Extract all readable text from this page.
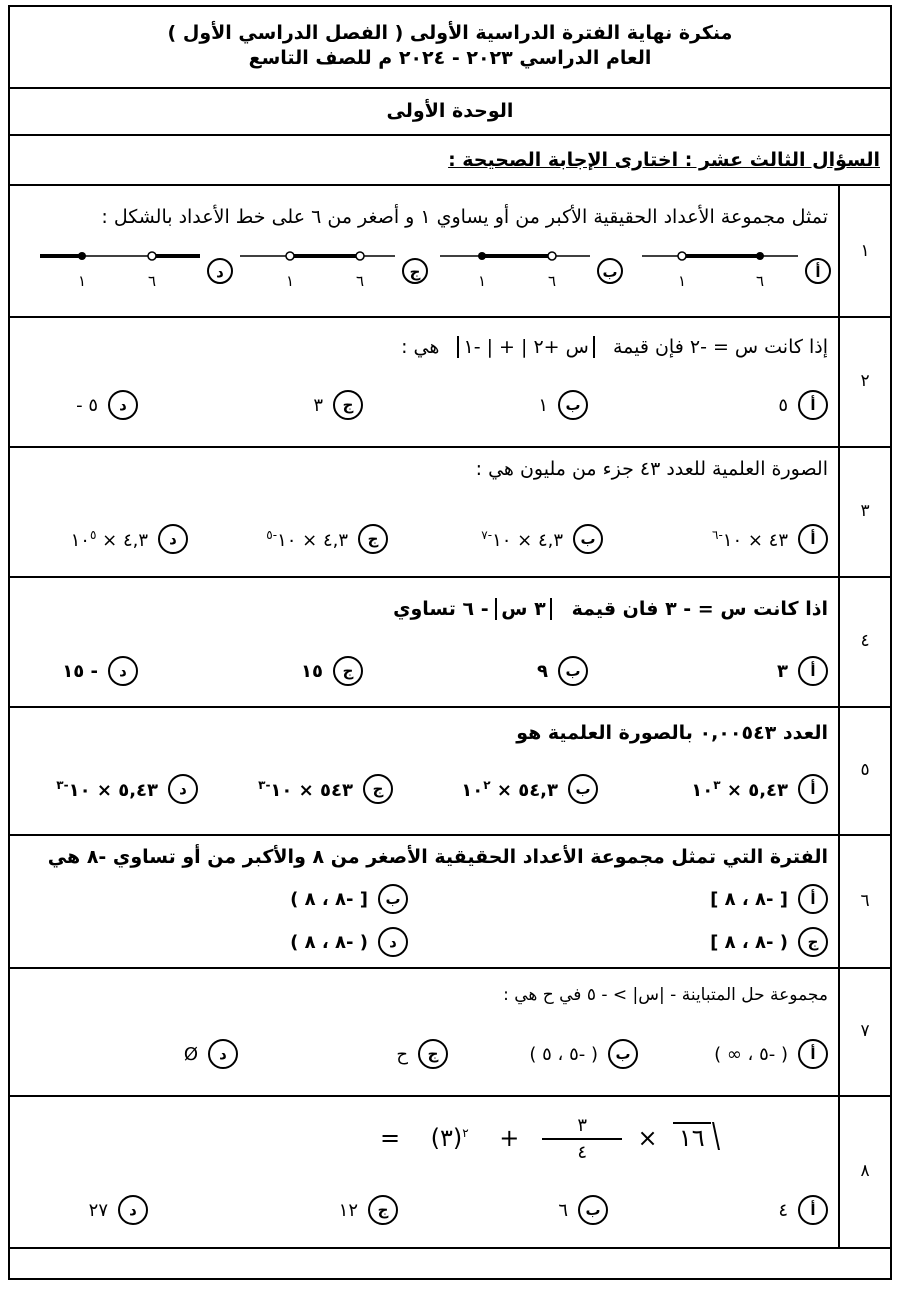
منكرة نهاية الفترة الدراسية الأولى ( الفصل الدراسي الأول )
العام الدراسي ٢٠٢٣ - ٢٠٢٤ م للصف التاسع
الوحدة الأولى
السؤال الثالث عشر : اختارى الإجابة الصحيحة :
١
تمثل مجموعة الأعداد الحقيقية الأكبر من أو يساوي ١ و أصغر من ٦ على خط الأعداد بالشكل :
أ
١	٦
ب
١	٦
ج
١	٦
د
١	٦
٢
إذا كانت س = -٢ فإن قيمة   س +٢ | + | -١   هي :
أ
٥
ب
١
ج
٣
د
٥ -
٣
الصورة العلمية للعدد ٤٣ جزء من مليون هي :
أ
٤٣ × $١٠^{-٦}$
ب
٤,٣ × $١٠^{-٧}$
ج
٤,٣ × $١٠^{-٥}$
د
٤,٣ × $١٠^٥$
٤
اذا كانت س = - ٣ فان قيمة   ٣ س - ٦ تساوي
أ
٣
ب
٩
ج
١٥
د
- ١٥
٥
العدد ٠,٠٠٥٤٣ بالصورة العلمية هو
أ
٥,٤٣ × $١٠^٣$
ب
٥٤,٣ × $١٠^٢$
ج
٥٤٣ × $١٠^{-٣}$
د
٥,٤٣ × $١٠^{-٣}$
٦
الفترة التي تمثل مجموعة الأعداد الحقيقية الأصغر من ٨ والأكبر من أو تساوي -٨ هي
أ
[ -٨ ، ٨ ]
ب
[ -٨ ، ٨ )
ج
( -٨ ، ٨ ]
د
( -٨ ، ٨ )
٧
مجموعة حل المتباينة - |س| > - ٥ في ح هي :
أ
( -٥ ، ∞ )
ب
( -٥ ، ٥ )
ج
ح
د
Ø
٨
= (٣)$^٢$ + $\frac{٣}{٤}$ × ١٦
أ
٤
ب
٦
ج
١٢
د
٢٧
